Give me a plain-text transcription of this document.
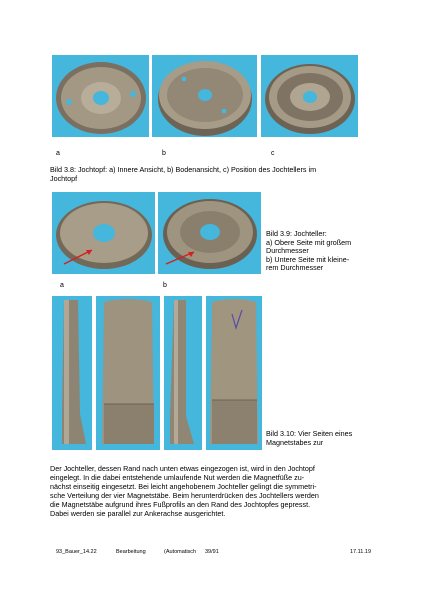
a	b	c
Bild 3.8: Jochtopf: a) Innere Ansicht, b) Bodenansicht, c) Position des Jochtellers im
Jochtopf
a	b
Bild 3.9: Jochteller:
a) Obere Seite mit großem
Durchmesser
b) Untere Seite mit kleine-
rem Durchmesser
Bild 3.10: Vier Seiten eines
Magnetstabes zur
Der Jochteller, dessen Rand nach unten etwas eingezogen ist, wird in den Jochtopf
eingelegt. In die dabei entstehende umlaufende Nut werden die Magnetfüße zu-
nächst einseitig eingesetzt. Bei leicht angehobenem Jochteller gelingt die symmetri-
sche Verteilung der vier Magnetstäbe. Beim herunterdrücken des Jochtellers werden
die Magnetstäbe aufgrund ihres Fußprofils an den Rand des Jochtopfes gepresst.
Dabei werden sie parallel zur Ankerachse ausgerichtet.
93_Bauer_14.22	Bearbeitung	(Automatisch 39/91	17.11.19
